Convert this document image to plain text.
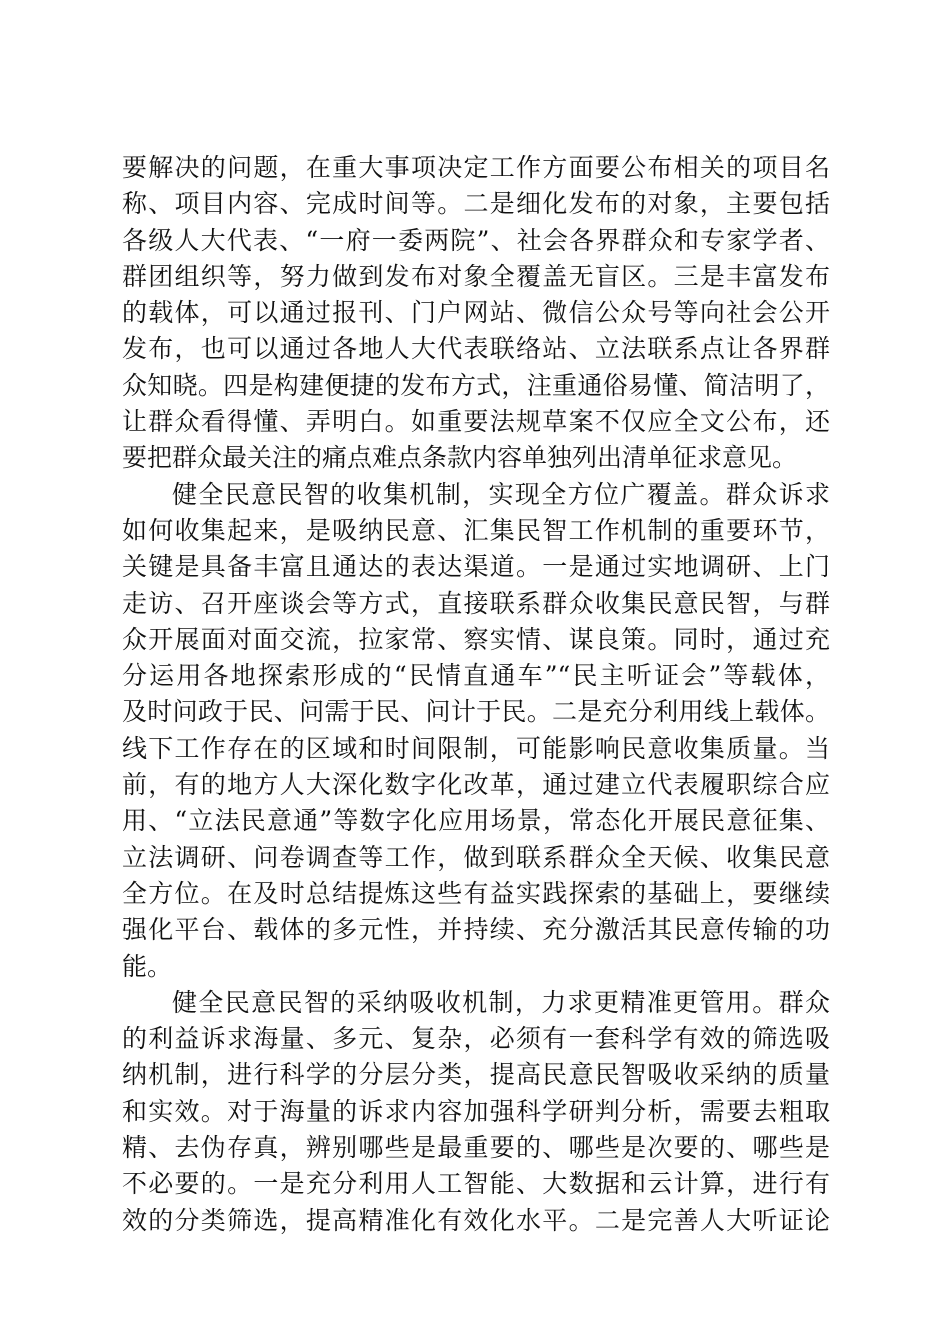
要解决的问题，在重大事项决定工作方面要公布相关的项目名
称、项目内容、完成时间等。二是细化发布的对象，主要包括
各级人大代表、“一府一委两院”、社会各界群众和专家学者、
群团组织等，努力做到发布对象全覆盖无盲区。三是丰富发布
的载体，可以通过报刊、门户网站、微信公众号等向社会公开
发布，也可以通过各地人大代表联络站、立法联系点让各界群
众知晓。四是构建便捷的发布方式，注重通俗易懂、简洁明了，
让群众看得懂、弄明白。如重要法规草案不仅应全文公布，还
要把群众最关注的痛点难点条款内容单独列出清单征求意见。
健全民意民智的收集机制，实现全方位广覆盖。群众诉求
如何收集起来，是吸纳民意、汇集民智工作机制的重要环节，
关键是具备丰富且通达的表达渠道。一是通过实地调研、上门
走访、召开座谈会等方式，直接联系群众收集民意民智，与群
众开展面对面交流，拉家常、察实情、谋良策。同时，通过充
分运用各地探索形成的“民情直通车”“民主听证会”等载体，
及时问政于民、问需于民、问计于民。二是充分利用线上载体。
线下工作存在的区域和时间限制，可能影响民意收集质量。当
前，有的地方人大深化数字化改革，通过建立代表履职综合应
用、“立法民意通”等数字化应用场景，常态化开展民意征集、
立法调研、问卷调查等工作，做到联系群众全天候、收集民意
全方位。在及时总结提炼这些有益实践探索的基础上，要继续
强化平台、载体的多元性，并持续、充分激活其民意传输的功
能。
健全民意民智的采纳吸收机制，力求更精准更管用。群众
的利益诉求海量、多元、复杂，必须有一套科学有效的筛选吸
纳机制，进行科学的分层分类，提高民意民智吸收采纳的质量
和实效。对于海量的诉求内容加强科学研判分析，需要去粗取
精、去伪存真，辨别哪些是最重要的、哪些是次要的、哪些是
不必要的。一是充分利用人工智能、大数据和云计算，进行有
效的分类筛选，提高精准化有效化水平。二是完善人大听证论
